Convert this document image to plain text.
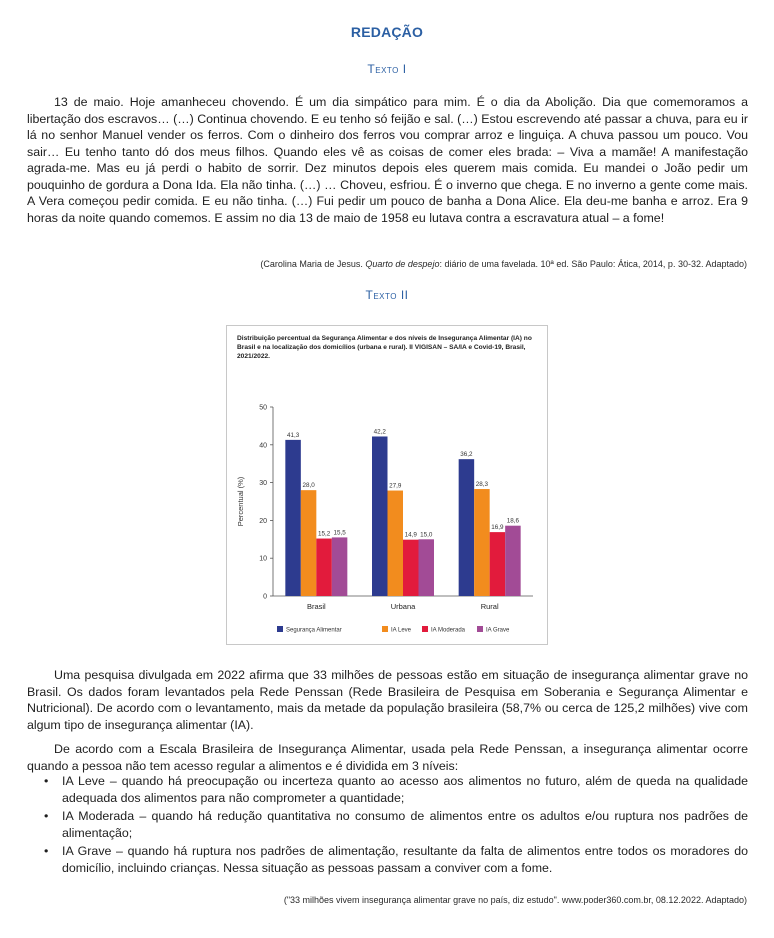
REDAÇÃO
Texto I

13 de maio. Hoje amanheceu chovendo. É um dia simpático para mim. É o dia da Abolição. Dia que comemoramos a libertação dos escravos… (…) Continua chovendo. E eu tenho só feijão e sal. (…) Estou escrevendo até passar a chuva, para eu ir lá no senhor Manuel vender os ferros. Com o dinheiro dos ferros vou comprar arroz e linguiça. A chuva passou um pouco. Vou sair… Eu tenho tanto dó dos meus filhos. Quando eles vê as coisas de comer eles brada: – Viva a mamãe! A manifestação agrada-me. Mas eu já perdi o habito de sorrir. Dez minutos depois eles querem mais comida. Eu mandei o João pedir um pouquinho de gordura a Dona Ida. Ela não tinha. (…) … Choveu, esfriou. É o inverno que chega. E no inverno a gente come mais. A Vera começou pedir comida. E eu não tinha. (…) Fui pedir um pouco de banha a Dona Alice. Ela deu-me banha e arroz. Era 9 horas da noite quando comemos. E assim no dia 13 de maio de 1958 eu lutava contra a escravatura atual – a fome!

(Carolina Maria de Jesus. Quarto de despejo: diário de uma favelada. 10ª ed. São Paulo: Ática, 2014, p. 30-32. Adaptado)
Texto II

Distribuição percentual da Segurança Alimentar e dos níveis de Insegurança Alimentar (IA) no Brasil e na localização dos domicílios (urbana e rural). II VIGISAN – SA/IA e Covid-19, Brasil, 2021/2022.

0
10
20
30
40
50
Percentual (%)
41,3
28,0
15,2 15,5
Brasil
42,2
27,9
14,9 15,0
Urbana
36,2
28,3
16,9
18,6
Rural
Segurança Alimentar	IA Leve	IA Moderada	IA Grave

Uma pesquisa divulgada em 2022 afirma que 33 milhões de pessoas estão em situação de insegurança alimentar grave no Brasil. Os dados foram levantados pela Rede Penssan (Rede Brasileira de Pesquisa em Soberania e Segurança Alimentar e Nutricional). De acordo com o levantamento, mais da metade da população brasileira (58,7% ou cerca de 125,2 milhões) vive com algum tipo de insegurança alimentar (IA).

De acordo com a Escala Brasileira de Insegurança Alimentar, usada pela Rede Penssan, a insegurança alimentar ocorre quando a pessoa não tem acesso regular a alimentos e é dividida em 3 níveis:

• IA Leve – quando há preocupação ou incerteza quanto ao acesso aos alimentos no futuro, além de queda na qualidade adequada dos alimentos para não comprometer a quantidade;
• IA Moderada – quando há redução quantitativa no consumo de alimentos entre os adultos e/ou ruptura nos padrões de alimentação;
• IA Grave – quando há ruptura nos padrões de alimentação, resultante da falta de alimentos entre todos os moradores do domicílio, incluindo crianças. Nessa situação as pessoas passam a conviver com a fome.
("33 milhões vivem insegurança alimentar grave no país, diz estudo". www.poder360.com.br, 08.12.2022. Adaptado)
